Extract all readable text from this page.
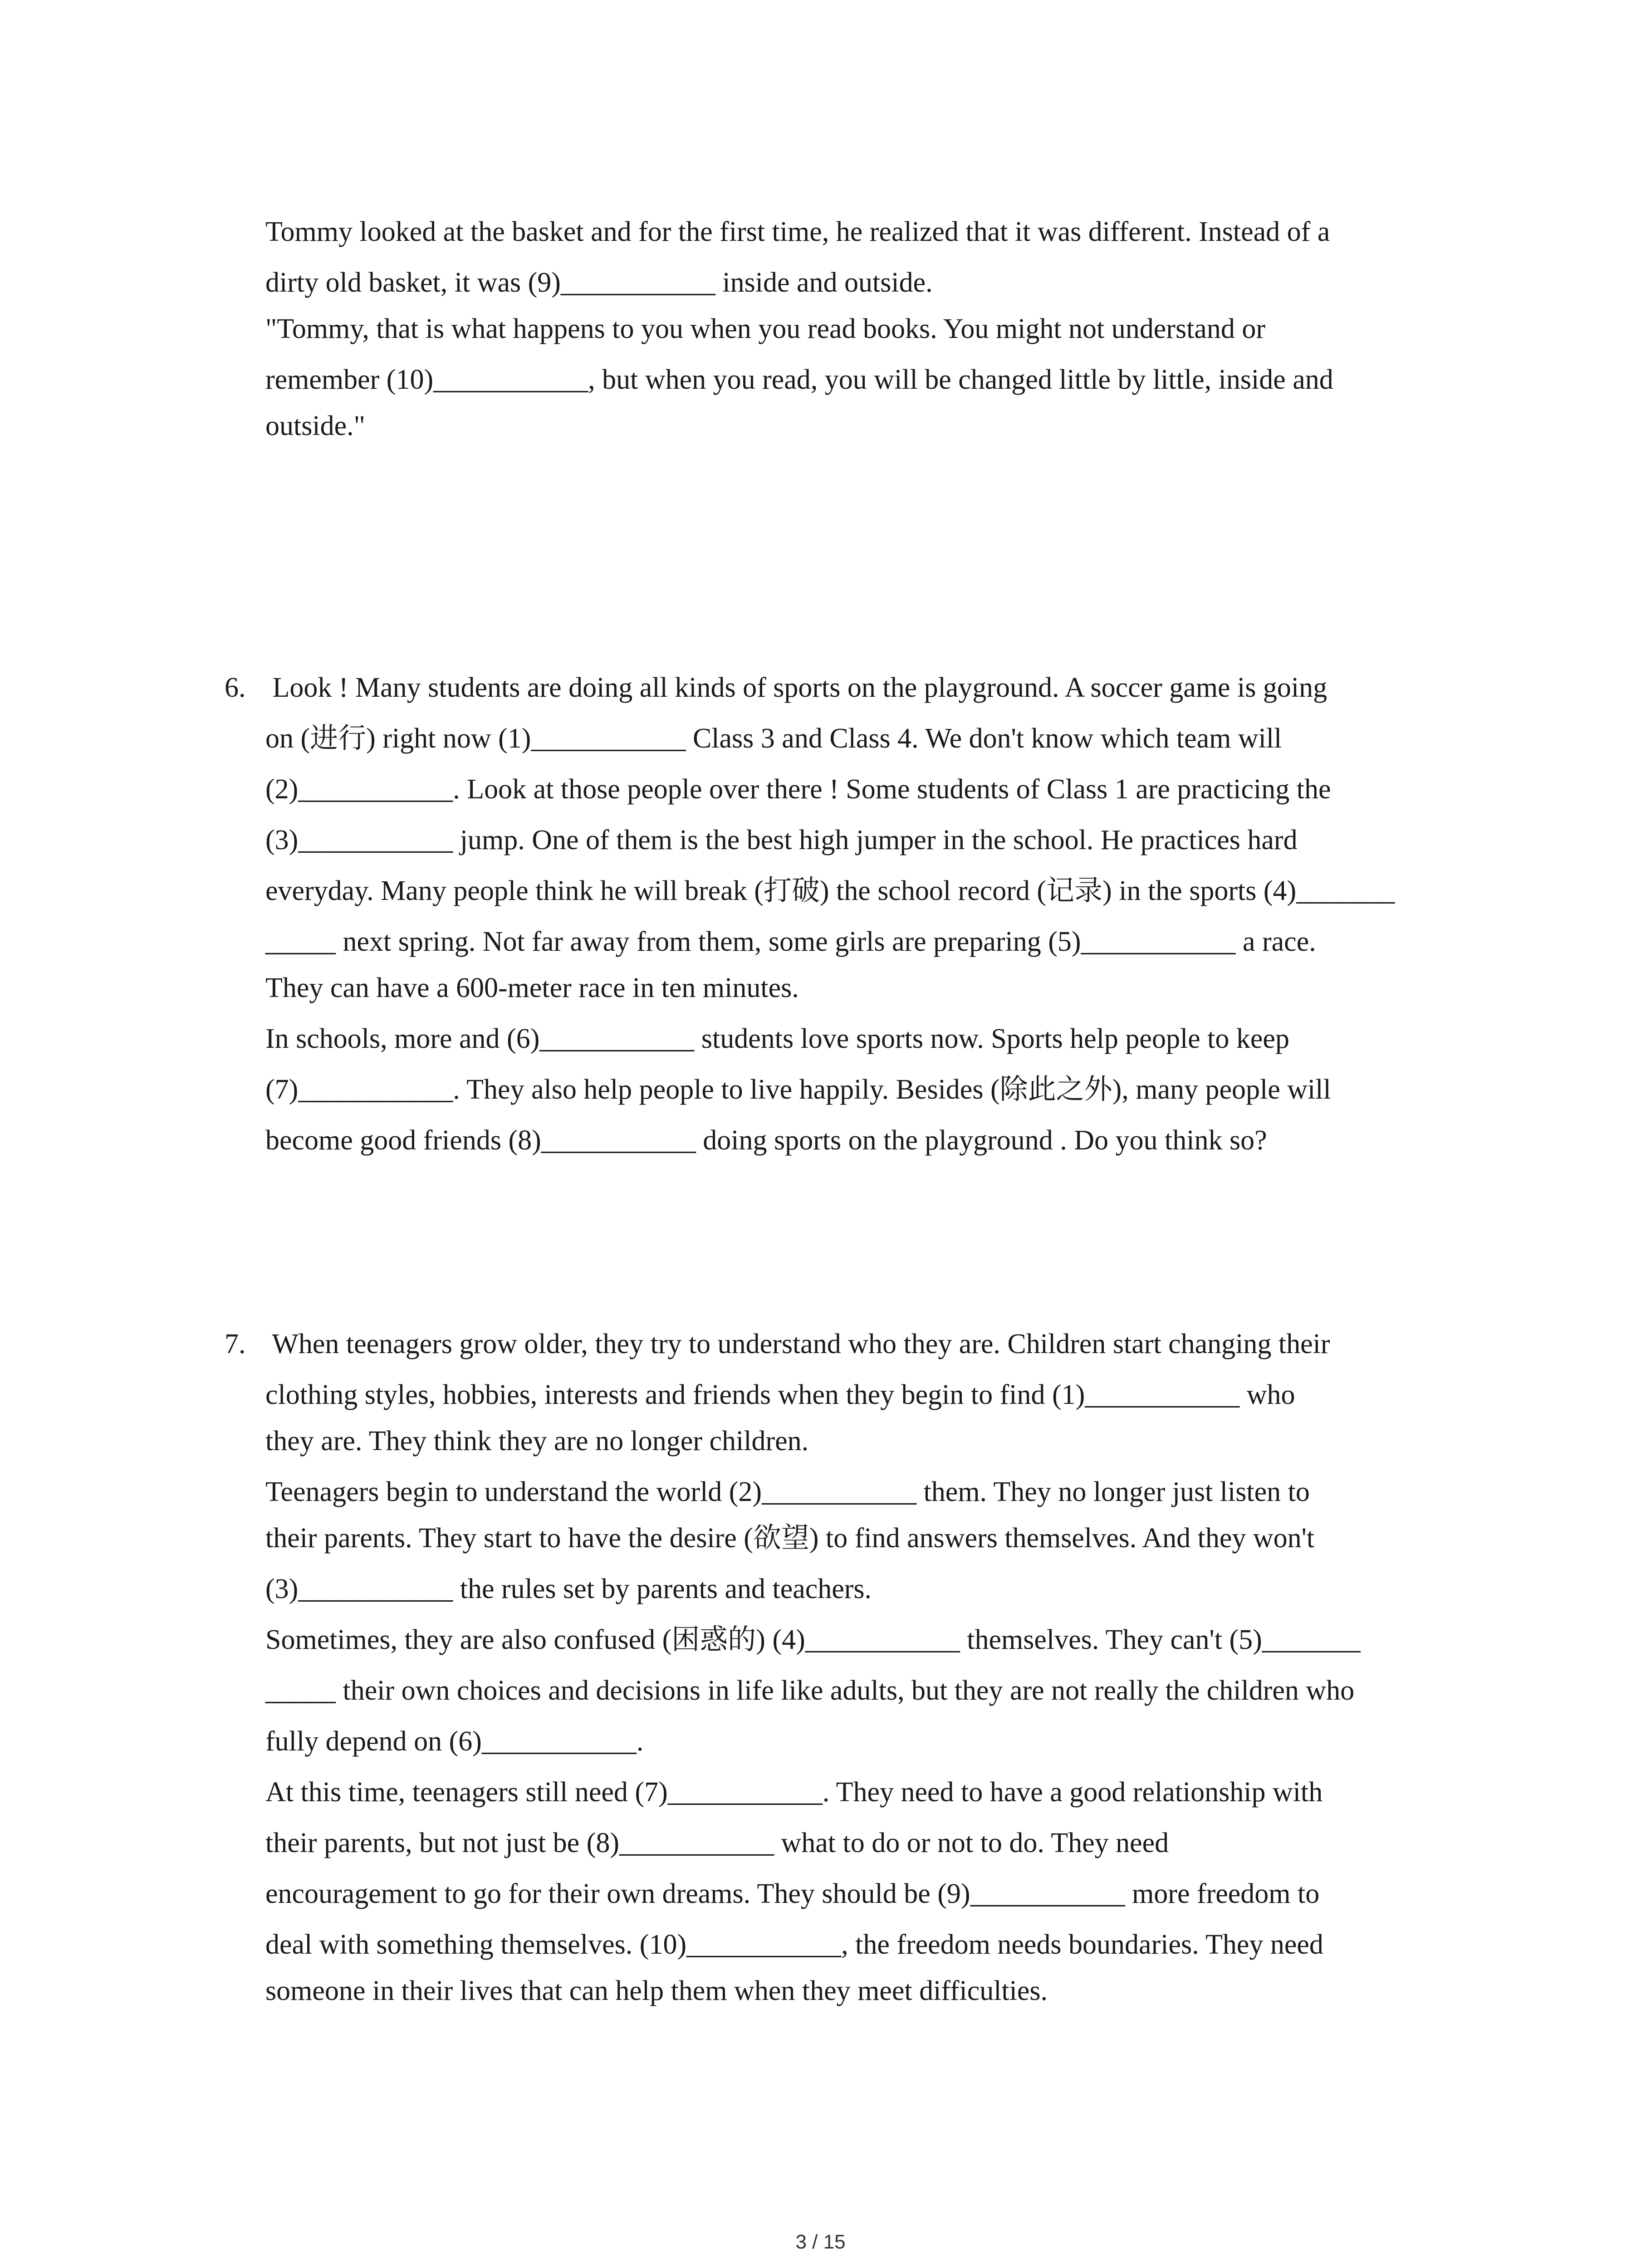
Tommy looked at the basket and for the first time, he realized that it was different. Instead of a
dirty old basket, it was (9)___________ inside and outside.
"Tommy, that is what happens to you when you read books. You might not understand or
remember (10)___________, but when you read, you will be changed little by little, inside and
outside."
6. Look ! Many students are doing all kinds of sports on the playground. A soccer game is going
on (进行) right now (1)___________ Class 3 and Class 4. We don't know which team will
(2)___________. Look at those people over there ! Some students of Class 1 are practicing the
(3)___________ jump. One of them is the best high jumper in the school. He practices hard
everyday. Many people think he will break (打破) the school record (记录) in the sports (4)_______
_____ next spring. Not far away from them, some girls are preparing (5)___________ a race.
They can have a 600-meter race in ten minutes.
In schools, more and (6)___________ students love sports now. Sports help people to keep
(7)___________. They also help people to live happily. Besides (除此之外), many people will
become good friends (8)___________ doing sports on the playground . Do you think so?
7. When teenagers grow older, they try to understand who they are. Children start changing their
clothing styles, hobbies, interests and friends when they begin to find (1)___________ who
they are. They think they are no longer children.
Teenagers begin to understand the world (2)___________ them. They no longer just listen to
their parents. They start to have the desire (欲望) to find answers themselves. And they won't
(3)___________ the rules set by parents and teachers.
Sometimes, they are also confused (困惑的) (4)___________ themselves. They can't (5)_______
_____ their own choices and decisions in life like adults, but they are not really the children who
fully depend on (6)___________.
At this time, teenagers still need (7)___________. They need to have a good relationship with
their parents, but not just be (8)___________ what to do or not to do. They need
encouragement to go for their own dreams. They should be (9)___________ more freedom to
deal with something themselves. (10)___________, the freedom needs boundaries. They need
someone in their lives that can help them when they meet difficulties.
3 / 15
